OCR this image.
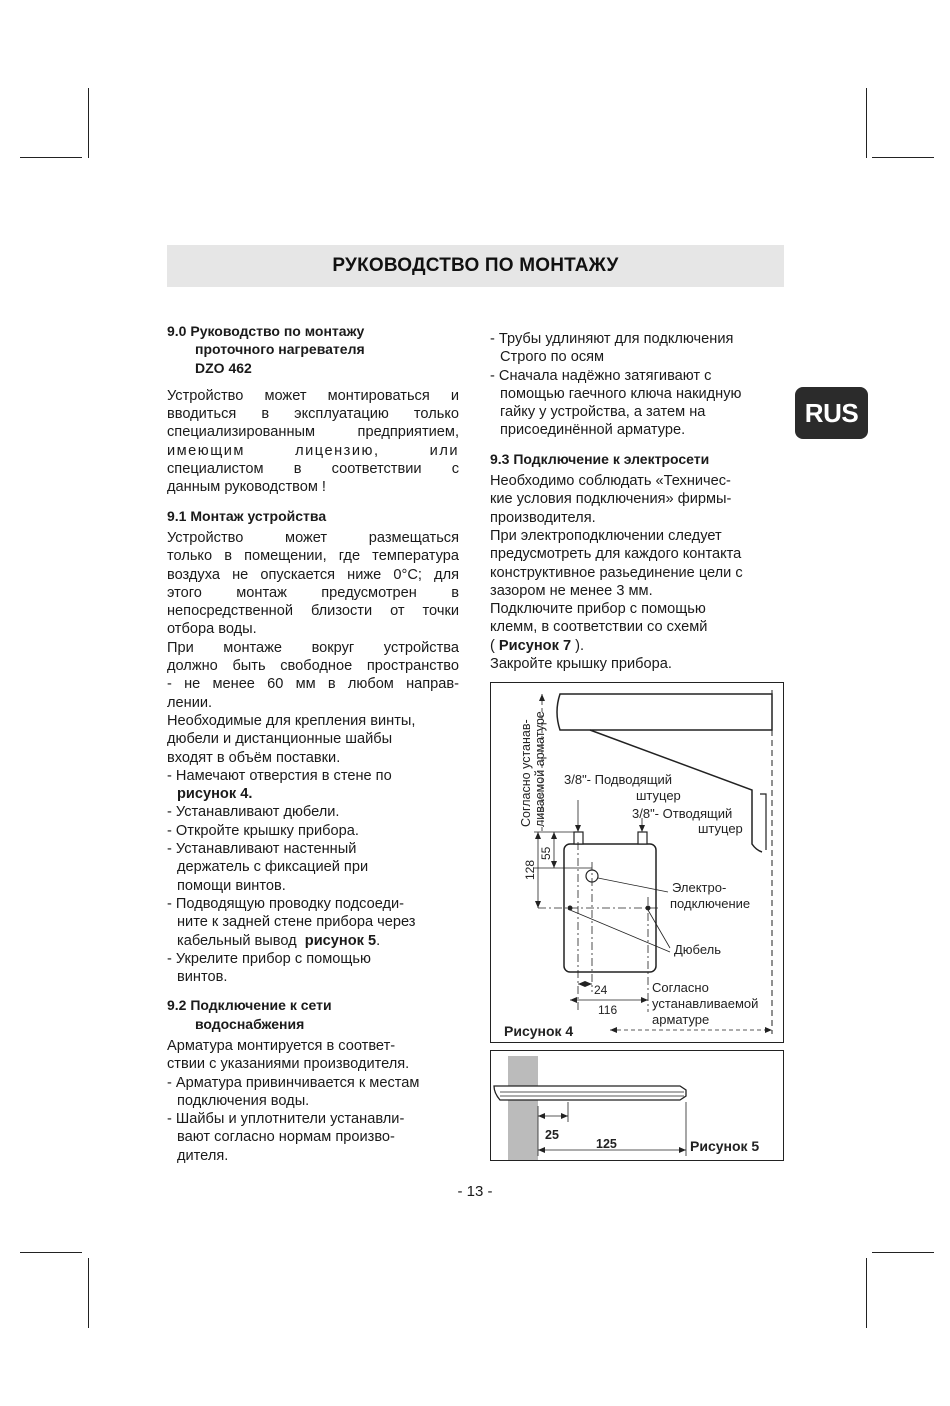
РУКОВОДСТВО ПО МОНТАЖУ
RUS
9.0 Руководство по монтажу
проточного нагревателя
DZO 462
Устройство может монтироваться и
вводиться в эксплуатацию только
специализированным предприятием,
имеющим лицензию, или
специалистом в соответствии с
данным руководством !
9.1 Монтаж устройства
Устройство может размещаться
только в помещении, где температура
воздуха не опускается ниже 0°С; для
этого монтаж предусмотрен в
непосредственной близости от точки
отбора воды.
При монтаже вокруг устройства
должно быть свободное пространство
- не менее 60 мм в любом направ-
лении.
Необходимые для крепления винты,
дюбели и дистанционные шайбы
входят в объём поставки.
- Намечают отверстия в стене по
рисунок 4.
- Устанавливают дюбели.
- Откройте крышку прибора.
- Устанавливают настенный
держатель с фиксацией при
помощи винтов.
- Подводящую проводку подсоеди-
ните к задней стене прибора через
кабельный вывод рисунок 5.
- Укрелите прибор с помощью
винтов.
9.2 Подключение к сети
водоснабжения
Арматура монтируется в соответ-
ствии с указаниями производителя.
- Арматура привинчивается к местам
подключения воды.
- Шайбы и уплотнители устанавли-
вают согласно нормам произво-
дителя.
- Трубы удлиняют для подключения
Строго по осям
- Сначала надёжно затягивают с
помощью гаечного ключа накидную
гайку у устройства, а затем на
присоединённой арматуре.
9.3 Подключение к электросети
Необходимо соблюдать «Техничес-
кие условия подключения» фирмы-
производителя.
При электроподключении следует
предусмотреть для каждого контакта
конструктивное разьединение цели с
зазором не менее 3 мм.
Подключите прибор с помощью
клемм, в соответствии со схемй
( Рисунок 7 ).
Закройте крышку прибора.
Согласно устанав-ливаемой арматуре 3/8"- Подводящий
штуцер
3/8"- Отводящий
штуцер
Электро-
подключение
Дюбель
Согласно
устанавливаемой
арматуре
128
55
24
116
Рисунок 4
25
125	Рисунок 5
- 13 -
